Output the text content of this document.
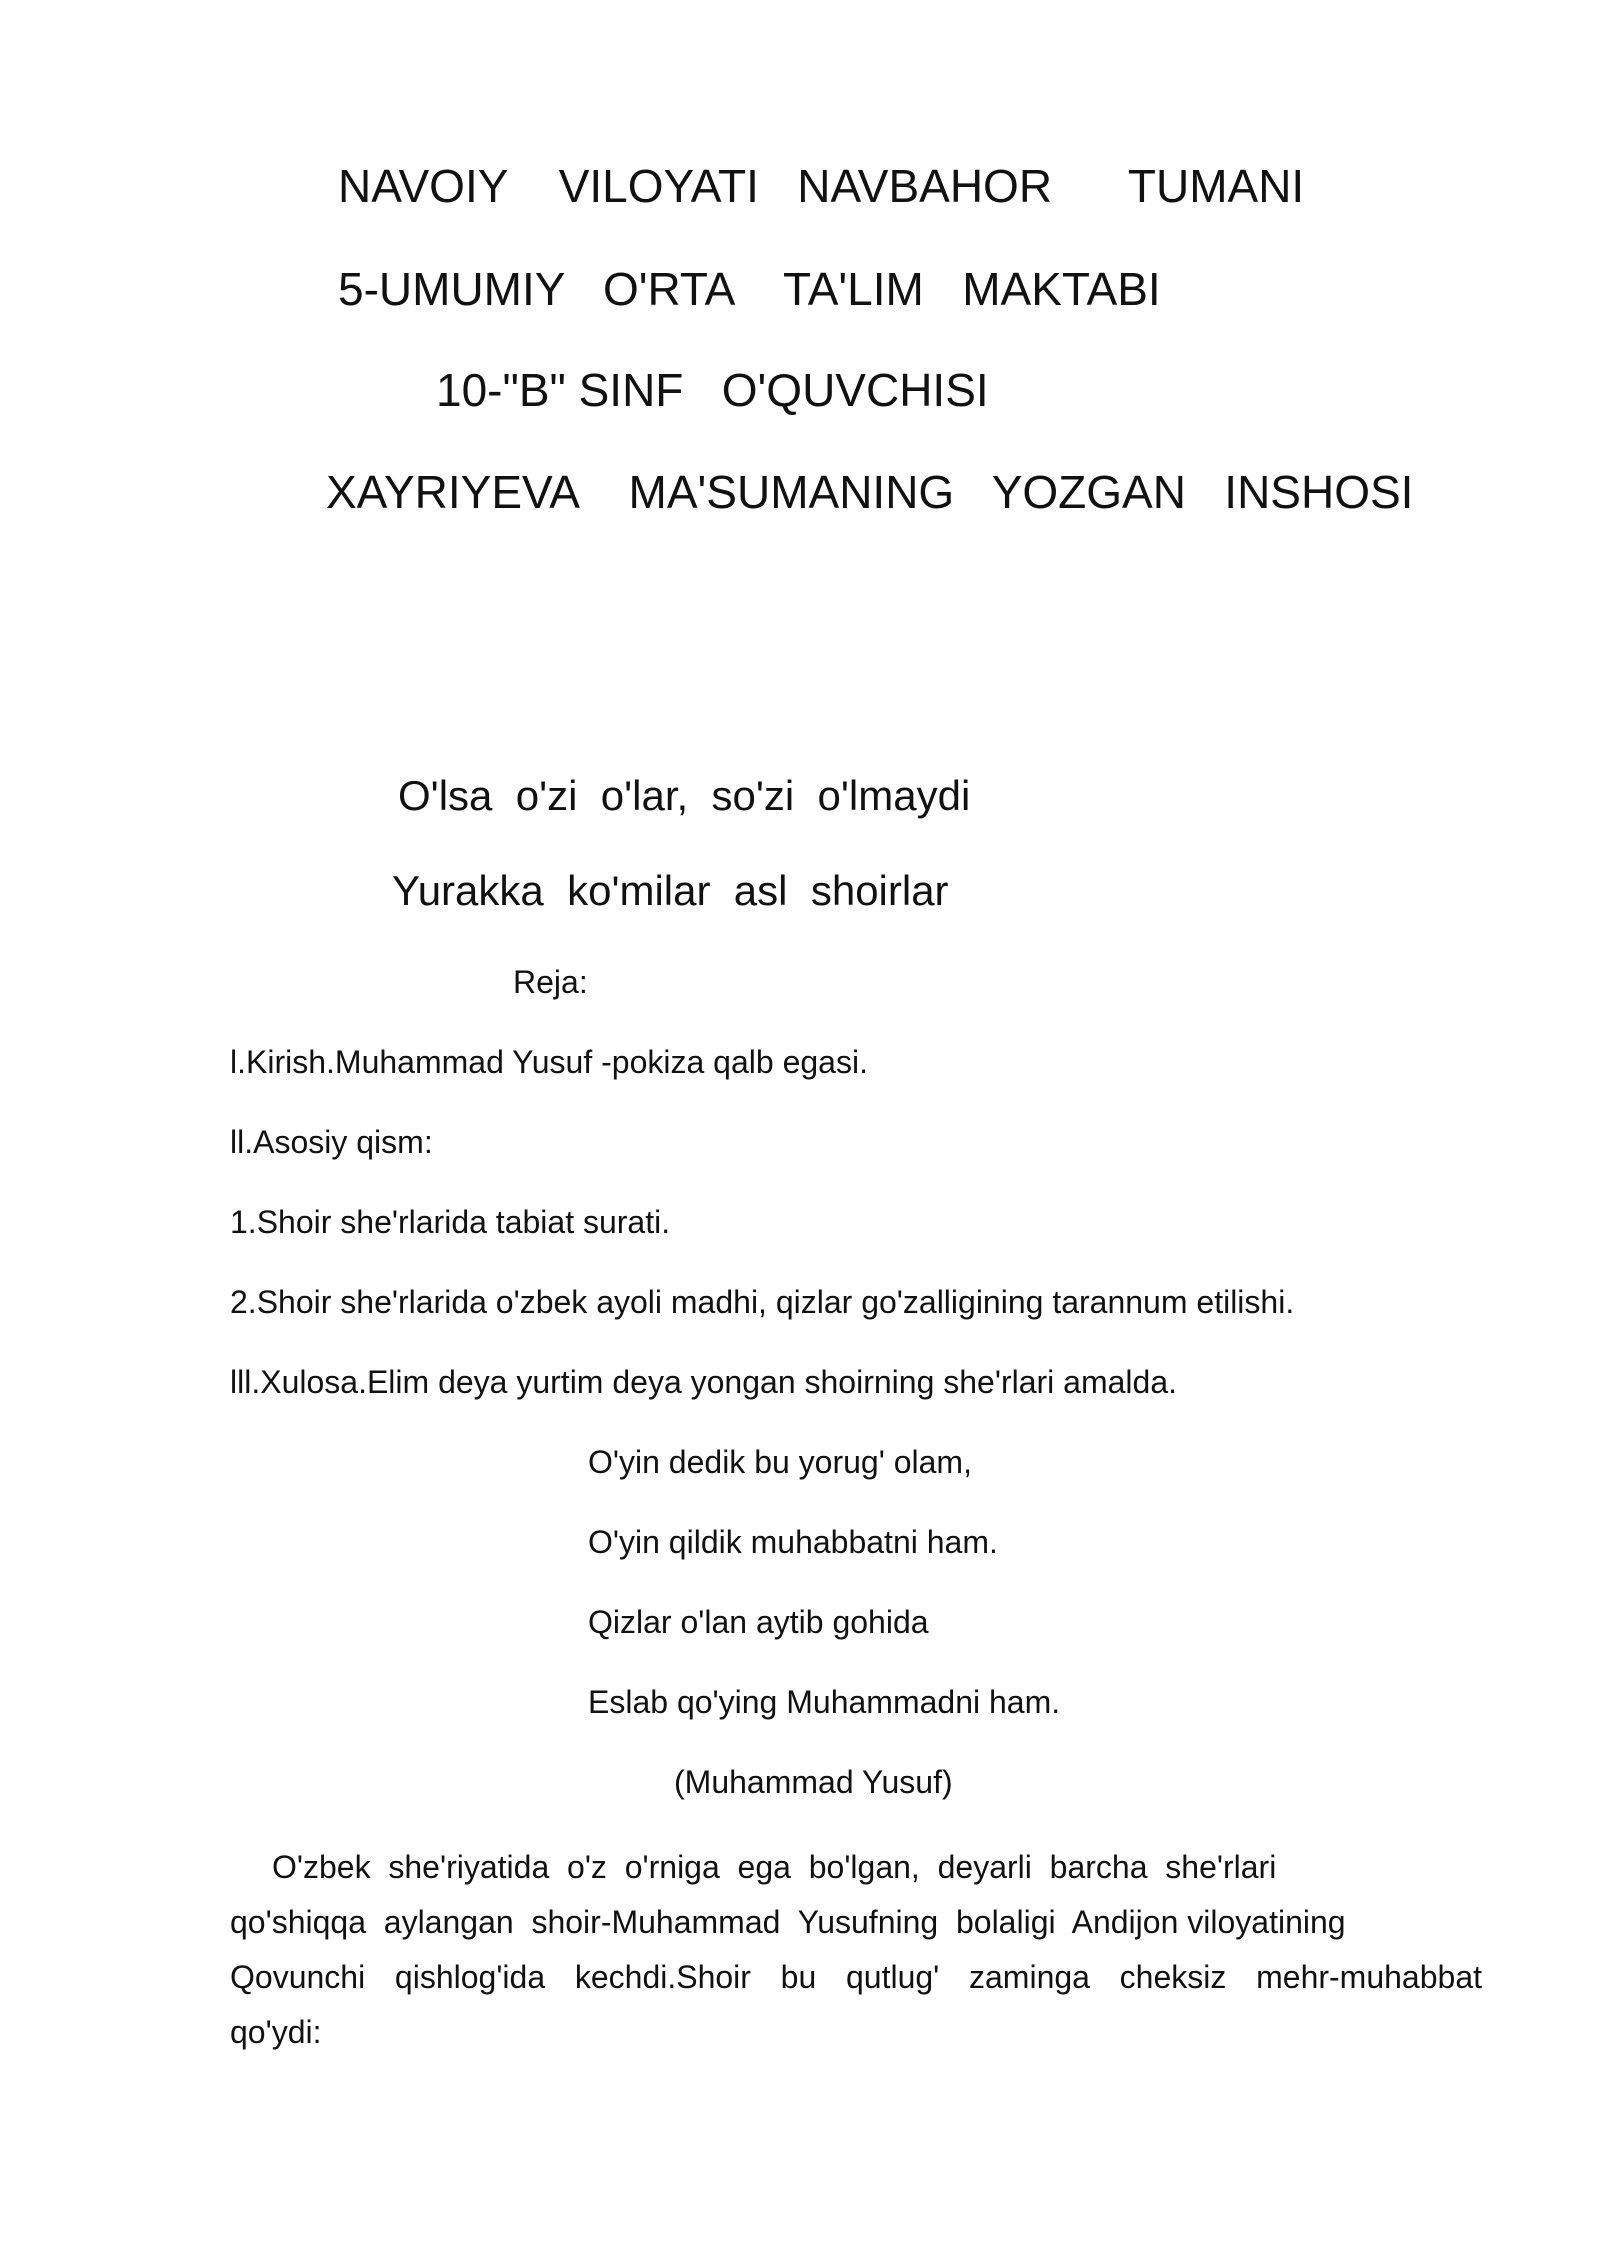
NAVOIY    VILOYATI   NAVBAHOR      TUMANI

5-UMUMIY   O'RTA    TA'LIM   MAKTABI

10-"B" SINF   O'QUVCHISI

XAYRIYEVA    MA'SUMANING   YOZGAN   INSHOSI

O'lsa  o'zi  o'lar,  so'zi  o'lmaydi

Yurakka  ko'milar  asl  shoirlar

Reja:

l.Kirish.Muhammad Yusuf -pokiza qalb egasi.

ll.Asosiy qism:

1.Shoir she'rlarida tabiat surati.

2.Shoir she'rlarida o'zbek ayoli madhi, qizlar go'zalligining tarannum etilishi.

lll.Xulosa.Elim deya yurtim deya yongan shoirning she'rlari amalda.

O'yin dedik bu yorug' olam,

O'yin qildik muhabbatni ham.

Qizlar o'lan aytib gohida

Eslab qo'ying Muhammadni ham.

(Muhammad Yusuf)

O'zbek  she'riyatida  o'z  o'rniga  ega  bo'lgan,  deyarli  barcha  she'rlari
qo'shiqqa  aylangan  shoir-Muhammad  Yusufning  bolaligi  Andijon viloyatining
Qovunchi qishlog'ida kechdi.Shoir bu qutlug' zaminga cheksiz mehr-muhabbat
qo'ydi:
